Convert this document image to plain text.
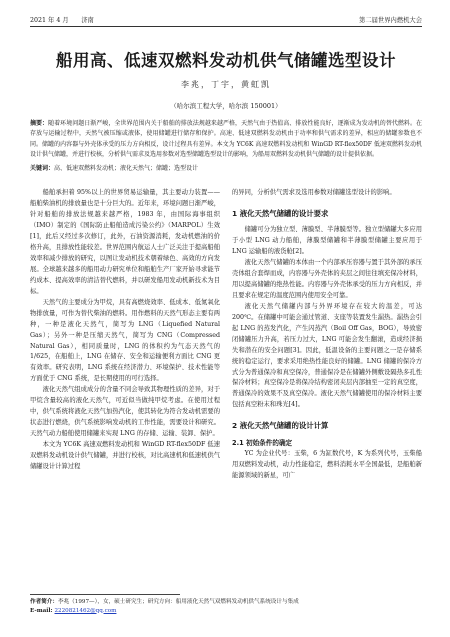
2021 年 4 月　　济南	第二届世界内燃机大会
船用高、低速双燃料发动机供气储罐选型设计
李兆，丁宇，黄虹凯
（哈尔滨工程大学，哈尔滨 150001）
摘要：随着环境问题日渐严峻，全世界范围内关于船舶的排放法规越来越严格，天然气由于热值高、排放性能良好，逐渐成为发动机的替代燃料。在存放与运输过程中，天然气被压缩或液体，使用储罐进行储存和保护。高速、低速双燃料发动机由于功率和供气需求的差异，相应的储罐参数也不同。储罐的内容器与外壳体承受的压力方向相反，设计过程具有差异。本文为 YC6K 高速双燃料发动机和 WinGD RT-flex50DF 低速双燃料发动机设计供气储罐，并进行校核，分析供气需求及选用参数对选型储罐选型设计的影响，为船用双燃料发动机供气储罐的设计提供依据。
关键词：高、低速双燃料发动机；液化天然气；储罐；选型设计

船舶承担着 95%以上的世界贸易运输量，其主要动力装置——船舶柴油机的排放量也是十分巨大的。近年来，环境问题日渐严峻，针对船舶的排放法规越来越严格，1983 年，由国际海事组织（IMO）制定的《国际防止船舶造成污染公约》（MARPOL）生效[1]，此后又经过多次修订，此外，石油资源消耗，发动机燃油的价格升高，且排放性能较差。世界范围内航运人士广泛关注于提高船舶效率和减少排放的研究，以图让发动机技术朝着绿色、高效的方向发展。全球越来越多的船用动力研究单位和船舶生产厂家开始寻求能节约成本、提高效率的清洁替代燃料，并以研发船用发动机新技术为目标。

天然气的主要成分为甲烷，具有高燃烧效率、低成本、低氮氧化物排放量，可作为替代柴油的燃料。用作燃料的天然气形态主要有两种，一种是液化天然气，简写为 LNG（Liquefied Natural Gas）；另外一种是压缩天然气，简写为 CNG（Compressed Natural Gas），相同质量时，LNG 的体积约为气态天然气的 1/625，在船舶上，LNG 在储存、安全和运输便利方面比 CNG 更有效率。研究表明，LNG 系统在经济潜力、环境保护、技术性能等方面优于 CNG 系统，是长期使用的可行选择。

液化天然气组成成分的含量不同会导致其物理性质的差异，对于甲烷含量较高的液化天然气，可近似当做纯甲烷考虑。在使用过程中，供气系统将液化天然气加热汽化，使其转化为符合发动机需要的状态进行燃烧，供气系统影响发动机的工作性能，需要设计和研究。天然气动力船舶使用储罐来实现 LNG 的存储、运输、装卸、保护。

本文为 YC6K 高速双燃料发动机和 WinGD RT-flex50DF 低速双燃料发动机设计供气储罐，并进行校核，对比高速机和低速机供气储罐设计计算过程

的异同，分析供气需求及选用参数对储罐选型设计的影响。

1 液化天然气储罐的设计要求

储罐可分为独立型、薄膜型、半薄膜型等。独立型储罐大多应用于小型 LNG 动力船舶，薄膜型储罐和半薄膜型储罐主要应用于 LNG 运输船的液货舱[2]。

液化天然气储罐的本体由一个内部承压容器与置于其外部的承压壳体组合套焊而成，内容器与外壳体的夹层之间往往填充保冷材料，用以提高储罐的绝热性能。内容器与外壳体承受的压力方向相反，并且要求在规定的温度范围内使用安全可靠。

液化天然气储罐内部与外界环境存在较大的温差，可达 200℃。在储罐中可能会通过管道、支座等装置发生漏热。漏热会引起 LNG 的蒸发汽化，产生闪蒸汽（Boil Off Gas，BOG），导致密闭储罐压力升高，若压力过大，LNG 可能会发生翻滚，造成经济损失和潜在的安全问题[3]。因此，低温设备的主要问题之一是存储系统的稳定运行，要求采用绝热性能良好的储罐。LNG 储罐的保冷方式分为普通保冷和真空保冷，普通保冷是在储罐外侧敷设隔热多孔性保冷材料；真空保冷是将保冷结构密闭夹层内部抽至一定的真空度，普通保冷的效果不及真空保冷。液化天然气储罐使用的保冷材料主要包括真空粉末和珠光[4]。

2 液化天然气储罐的设计计算
2.1 初始条件的确定

YC 为企业代号：玉柴，6 为缸数代号，K 为系列代号，玉柴船用双燃料发动机，动力性能稳定，燃料消耗水平全国最低，是船舶新能源领域的新星，可广

作者简介：李兆（1997—），女，硕士研究生；研究方向：船用液化天然气双燃料发动机供气系统设计与集成
E-mail: 2220821462@qq.com
